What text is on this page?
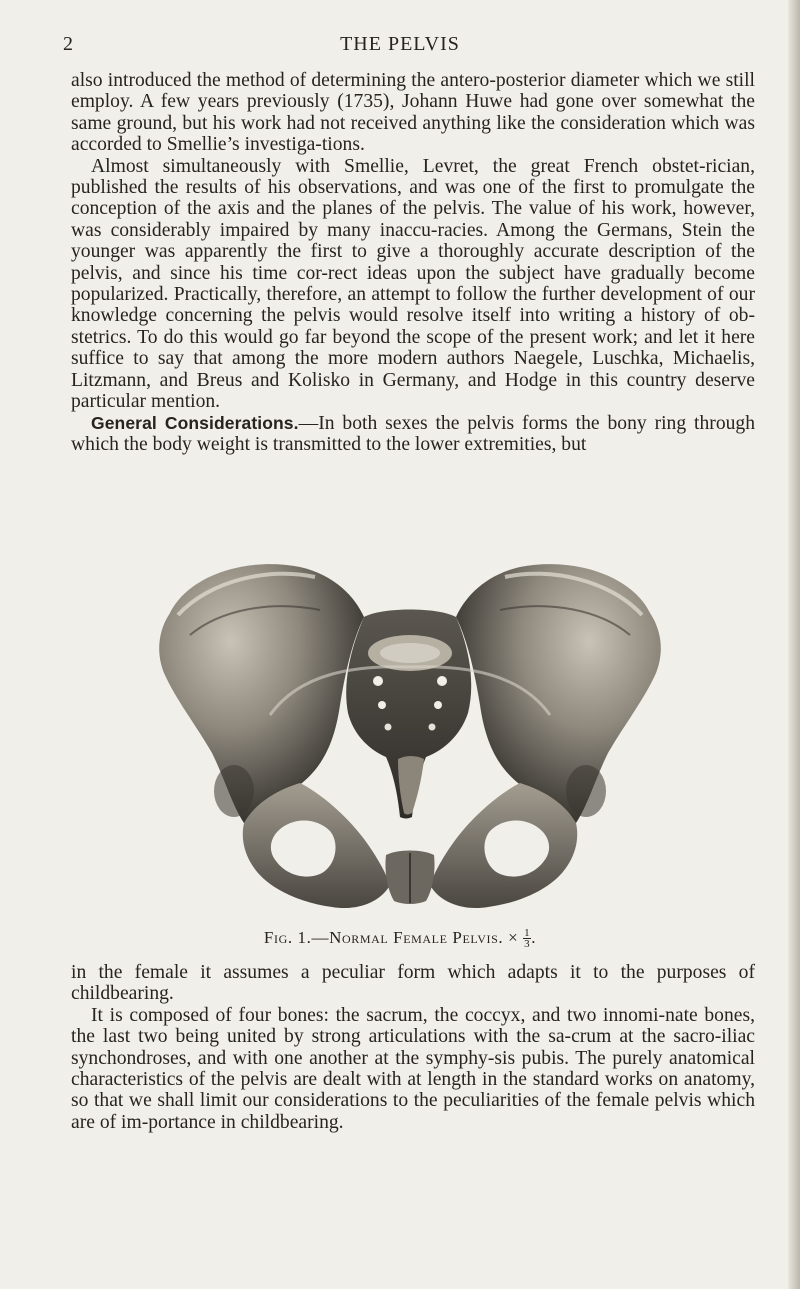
2	THE PELVIS

also introduced the method of determining the antero-posterior diameter which we still employ. A few years previously (1735), Johann Huwe had gone over somewhat the same ground, but his work had not received anything like the consideration which was accorded to Smellie’s investiga-tions.

Almost simultaneously with Smellie, Levret, the great French obstet-rician, published the results of his observations, and was one of the first to promulgate the conception of the axis and the planes of the pelvis. The value of his work, however, was considerably impaired by many inaccu-racies. Among the Germans, Stein the younger was apparently the first to give a thoroughly accurate description of the pelvis, and since his time cor-rect ideas upon the subject have gradually become popularized. Practically, therefore, an attempt to follow the further development of our knowledge concerning the pelvis would resolve itself into writing a history of ob-stetrics. To do this would go far beyond the scope of the present work; and let it here suffice to say that among the more modern authors Naegele, Luschka, Michaelis, Litzmann, and Breus and Kolisko in Germany, and Hodge in this country deserve particular mention.

General Considerations.—In both sexes the pelvis forms the bony ring through which the body weight is transmitted to the lower extremities, but

Fig. 1.—Normal Female Pelvis. × $\frac{1}{3}$ .

in the female it assumes a peculiar form which adapts it to the purposes of childbearing.

It is composed of four bones: the sacrum, the coccyx, and two innomi-nate bones, the last two being united by strong articulations with the sa-crum at the sacro-iliac synchondroses, and with one another at the symphy-sis pubis. The purely anatomical characteristics of the pelvis are dealt with at length in the standard works on anatomy, so that we shall limit our considerations to the peculiarities of the female pelvis which are of im-portance in childbearing.
